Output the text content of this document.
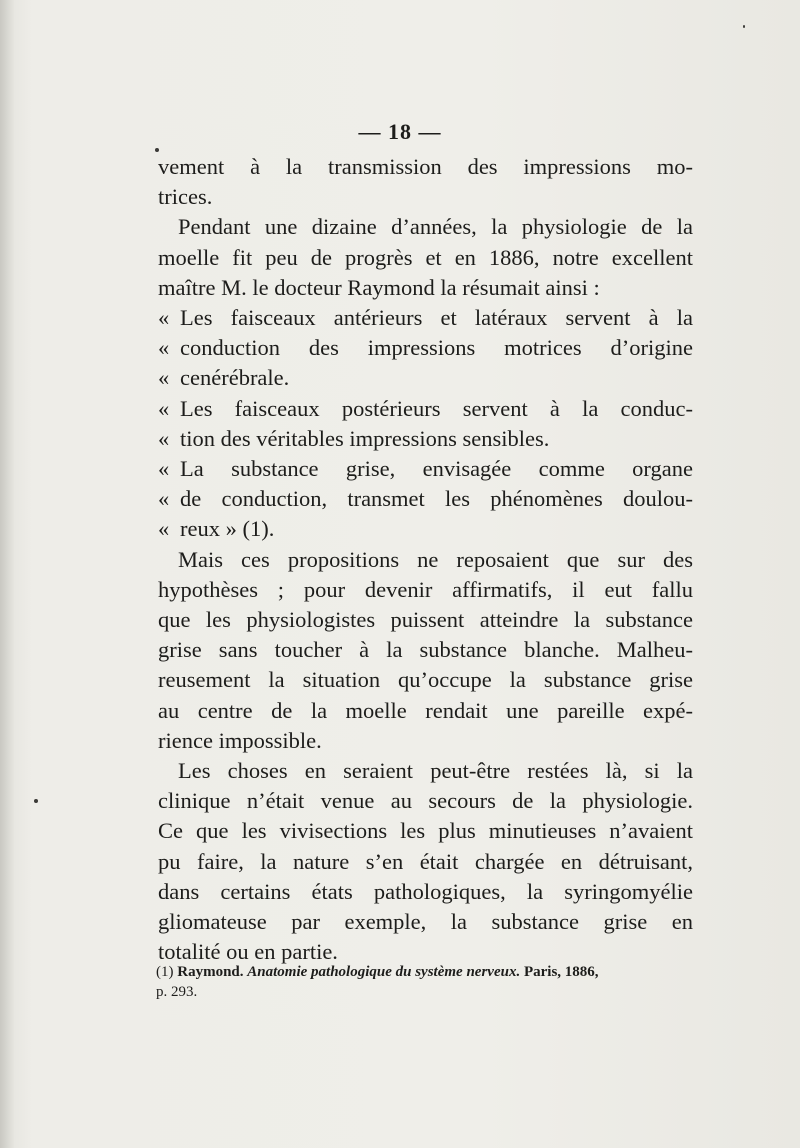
— 18 —

vement à la transmission des impressions mo-

trices.

Pendant une dizaine d’années, la physiologie de la

moelle fit peu de progrès et en 1886, notre excellent

maître M. le docteur Raymond la résumait ainsi :

« Les faisceaux antérieurs et latéraux servent à la

« conduction des impressions motrices d’origine

« cenérébrale.

« Les faisceaux postérieurs servent à la conduc-

« tion des véritables impressions sensibles.

« La substance grise, envisagée comme organe

« de conduction, transmet les phénomènes doulou-

« reux » (1).

Mais ces propositions ne reposaient que sur des

hypothèses ; pour devenir affirmatifs, il eut fallu

que les physiologistes puissent atteindre la substance

grise sans toucher à la substance blanche. Malheu-

reusement la situation qu’occupe la substance grise

au centre de la moelle rendait une pareille expé-

rience impossible.

Les choses en seraient peut-être restées là, si la

clinique n’était venue au secours de la physiologie.

Ce que les vivisections les plus minutieuses n’avaient

pu faire, la nature s’en était chargée en détruisant,

dans certains états pathologiques, la syringomyélie

gliomateuse par exemple, la substance grise en

totalité ou en partie.

(1) Raymond. Anatomie pathologique du système nerveux. Paris, 1886,
p. 293.
